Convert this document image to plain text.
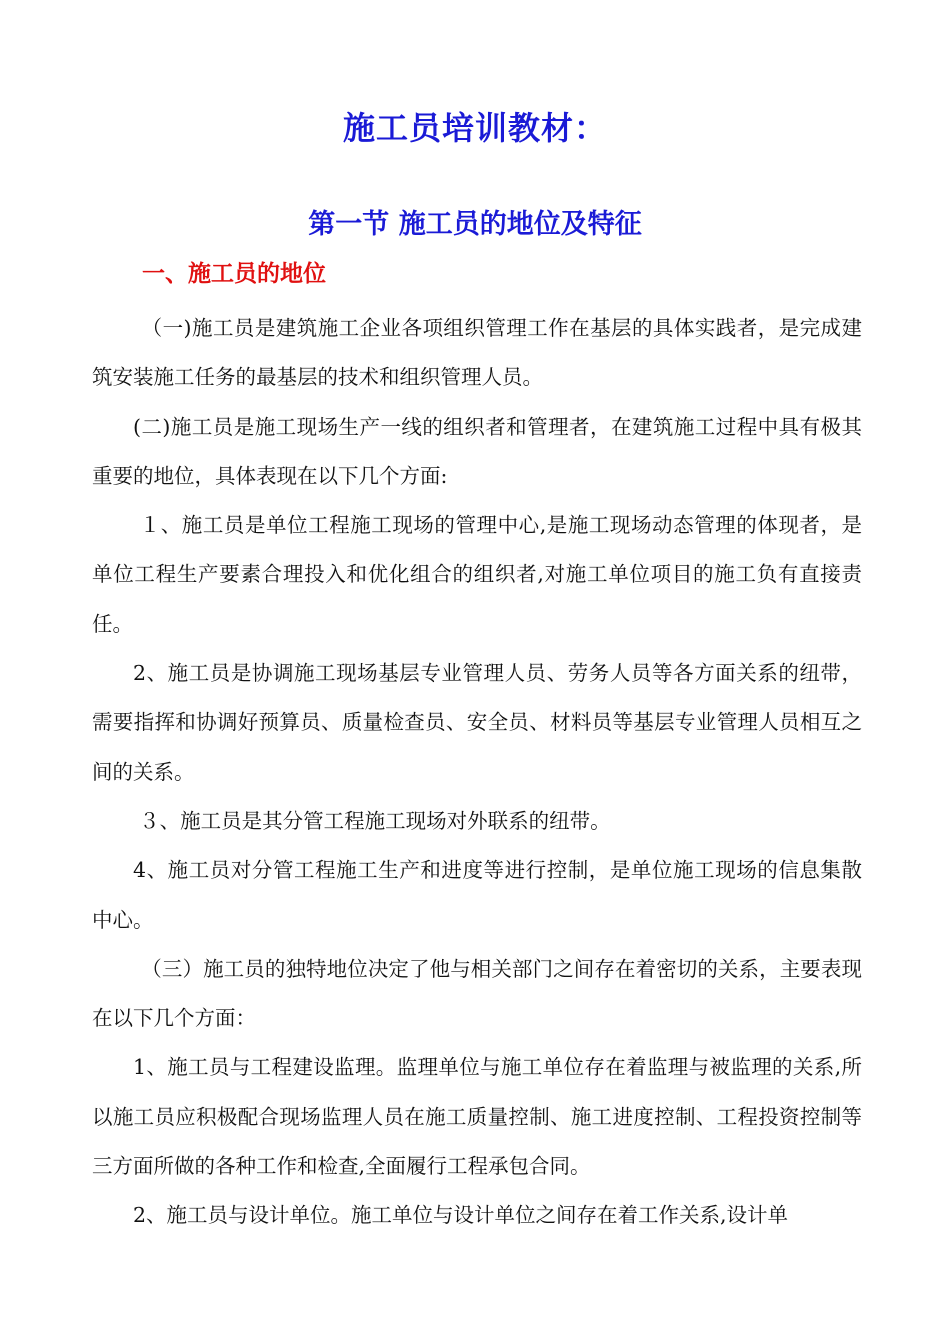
施工员培训教材：
第一节 施工员的地位及特征
一、施工员的地位

（一)施工员是建筑施工企业各项组织管理工作在基层的具体实践者，是完成建筑安装施工任务的最基层的技术和组织管理人员。

(二)施工员是施工现场生产一线的组织者和管理者，在建筑施工过程中具有极其重要的地位，具体表现在以下几个方面:

１、施工员是单位工程施工现场的管理中心,是施工现场动态管理的体现者，是单位工程生产要素合理投入和优化组合的组织者,对施工单位项目的施工负有直接责任。

2、施工员是协调施工现场基层专业管理人员、劳务人员等各方面关系的纽带，需要指挥和协调好预算员、质量检查员、安全员、材料员等基层专业管理人员相互之间的关系。

３、施工员是其分管工程施工现场对外联系的纽带。

4、施工员对分管工程施工生产和进度等进行控制，是单位施工现场的信息集散中心。

（三）施工员的独特地位决定了他与相关部门之间存在着密切的关系，主要表现在以下几个方面：

1、施工员与工程建设监理。监理单位与施工单位存在着监理与被监理的关系,所以施工员应积极配合现场监理人员在施工质量控制、施工进度控制、工程投资控制等三方面所做的各种工作和检查,全面履行工程承包合同。

2、施工员与设计单位。施工单位与设计单位之间存在着工作关系,设计单
